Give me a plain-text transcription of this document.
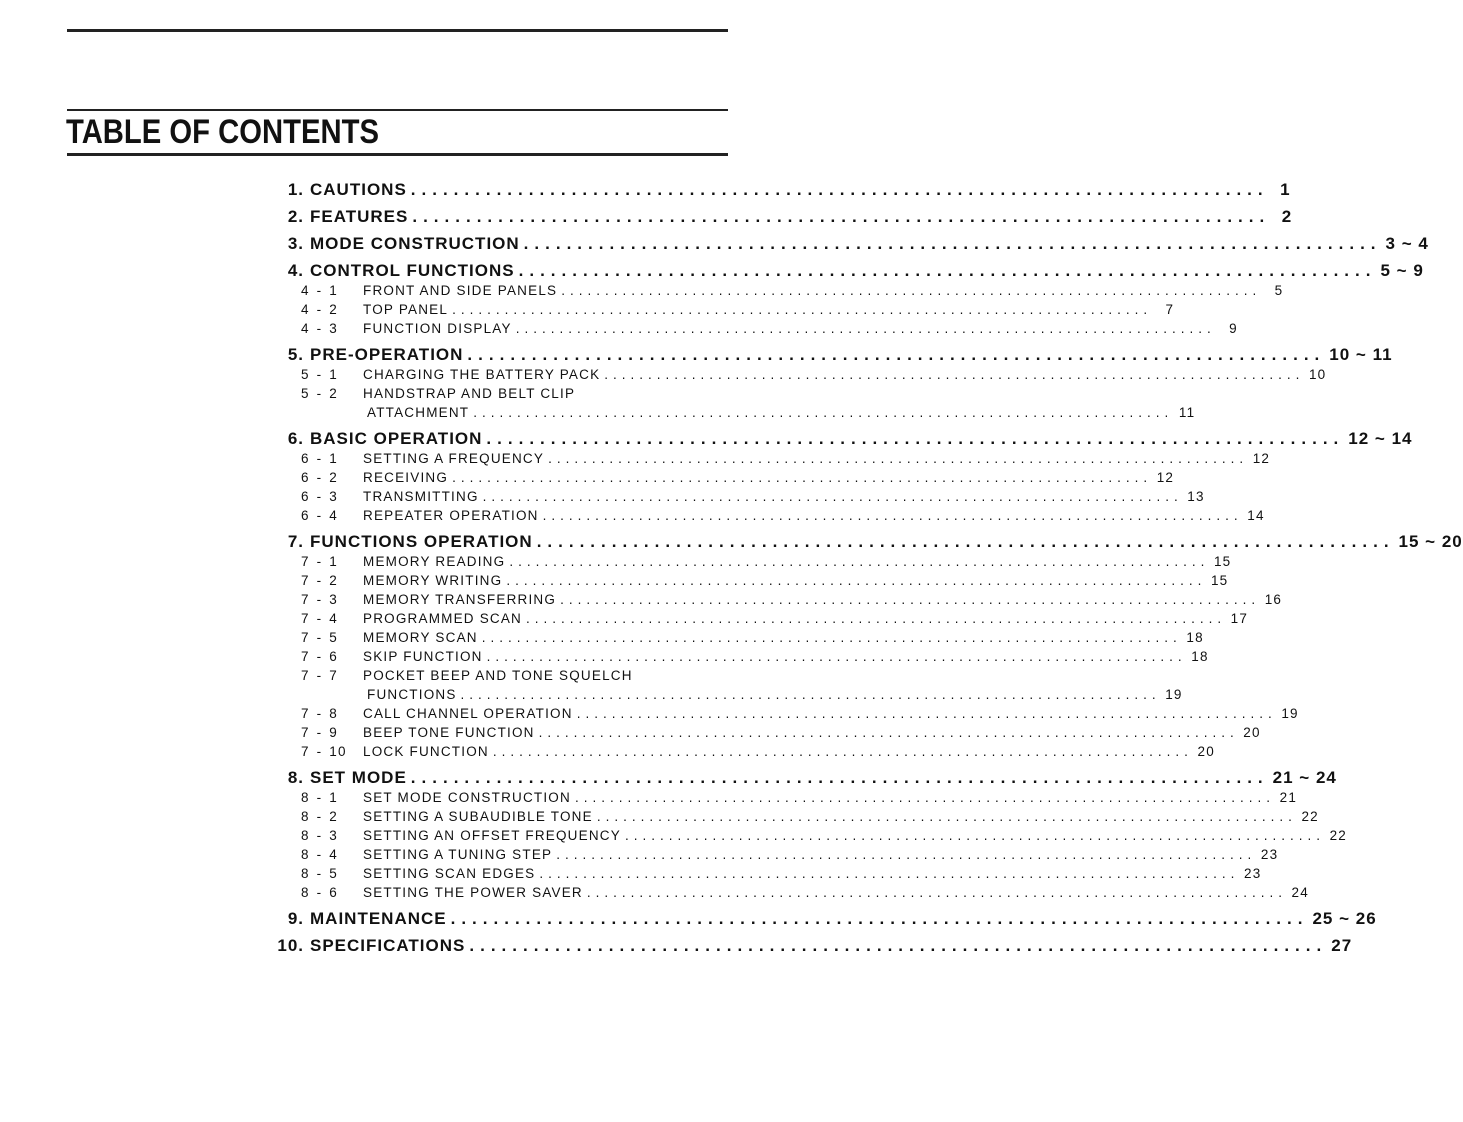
TABLE OF CONTENTS
1. CAUTIONS ................................................................................ 1
2. FEATURES ................................................................................ 2
3. MODE CONSTRUCTION ................................................................................ 3 ~ 4
4. CONTROL FUNCTIONS ................................................................................ 5 ~ 9
4 - 1	FRONT AND SIDE PANELS ................................................................................ 5
4 - 2	TOP PANEL ................................................................................ 7
4 - 3	FUNCTION DISPLAY ................................................................................ 9
5. PRE-OPERATION ................................................................................ 10 ~ 11
5 - 1	CHARGING THE BATTERY PACK ................................................................................ 10
5 - 2	HANDSTRAP AND BELT CLIP
ATTACHMENT ................................................................................ 11
6. BASIC OPERATION ................................................................................ 12 ~ 14
6 - 1	SETTING A FREQUENCY ................................................................................ 12
6 - 2	RECEIVING ................................................................................ 12
6 - 3	TRANSMITTING ................................................................................ 13
6 - 4	REPEATER OPERATION ................................................................................ 14
7. FUNCTIONS OPERATION ................................................................................ 15 ~ 20
7 - 1	MEMORY READING ................................................................................ 15
7 - 2	MEMORY WRITING ................................................................................ 15
7 - 3	MEMORY TRANSFERRING ................................................................................ 16
7 - 4	PROGRAMMED SCAN ................................................................................ 17
7 - 5	MEMORY SCAN ................................................................................ 18
7 - 6	SKIP FUNCTION ................................................................................ 18
7 - 7	POCKET BEEP AND TONE SQUELCH
FUNCTIONS ................................................................................ 19
7 - 8	CALL CHANNEL OPERATION ................................................................................ 19
7 - 9	BEEP TONE FUNCTION ................................................................................ 20
7 - 10	LOCK FUNCTION ................................................................................ 20
8. SET MODE ................................................................................ 21 ~ 24
8 - 1	SET MODE CONSTRUCTION ................................................................................ 21
8 - 2	SETTING A SUBAUDIBLE TONE ................................................................................ 22
8 - 3	SETTING AN OFFSET FREQUENCY ................................................................................ 22
8 - 4	SETTING A TUNING STEP ................................................................................ 23
8 - 5	SETTING SCAN EDGES ................................................................................ 23
8 - 6	SETTING THE POWER SAVER ................................................................................ 24
9. MAINTENANCE ................................................................................ 25 ~ 26
10. SPECIFICATIONS ................................................................................ 27
